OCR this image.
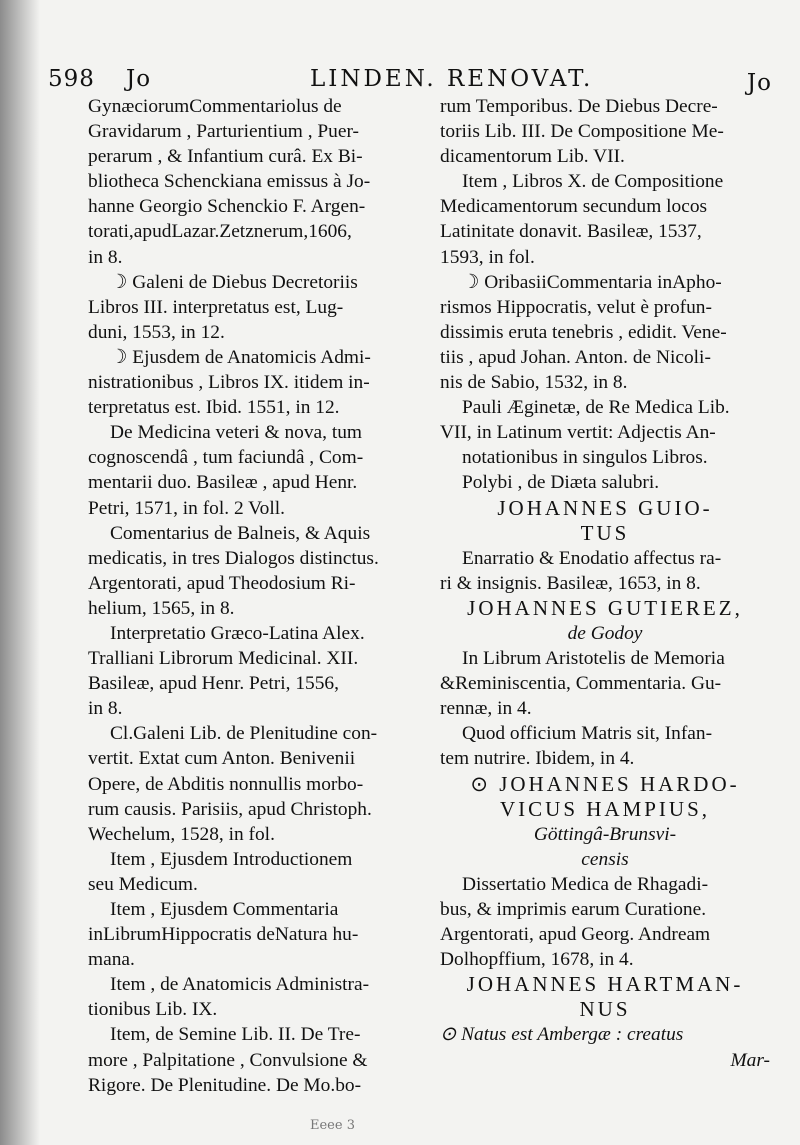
598 Jo	LINDEN. RENOVAT.	Jo
GynæciorumCommentariolus de
Gravidarum , Parturientium , Puer-
perarum , & Infantium curâ. Ex Bi-
bliotheca Schenckiana emissus à Jo-
hanne Georgio Schenckio F. Argen-
torati,apudLazar.Zetznerum,1606,
in 8.
☽ Galeni de Diebus Decretoriis
Libros III. interpretatus est, Lug-
duni, 1553, in 12.
☽ Ejusdem de Anatomicis Admi-
nistrationibus , Libros IX. itidem in-
terpretatus est. Ibid. 1551, in 12.
De Medicina veteri & nova, tum
cognoscendâ , tum faciundâ , Com-
mentarii duo. Basileæ , apud Henr.
Petri, 1571, in fol. 2 Voll.
Comentarius de Balneis, & Aquis
medicatis, in tres Dialogos distinctus.
Argentorati, apud Theodosium Ri-
helium, 1565, in 8.
Interpretatio Græco-Latina Alex.
Tralliani Librorum Medicinal. XII.
Basileæ, apud Henr. Petri, 1556,
in 8.
Cl.Galeni Lib. de Plenitudine con-
vertit. Extat cum Anton. Benivenii
Opere, de Abditis nonnullis morbo-
rum causis. Parisiis, apud Christoph.
Wechelum, 1528, in fol.
Item , Ejusdem Introductionem
seu Medicum.
Item , Ejusdem Commentaria
inLibrumHippocratis deNatura hu-
mana.
Item , de Anatomicis Administra-
tionibus Lib. IX.
Item, de Semine Lib. II. De Tre-
more , Palpitatione , Convulsione &
Rigore. De Plenitudine. De Mo.bo-
rum Temporibus. De Diebus Decre-
toriis Lib. III. De Compositione Me-
dicamentorum Lib. VII.
Item , Libros X. de Compositione
Medicamentorum secundum locos
Latinitate donavit. Basileæ, 1537,
1593, in fol.
☽ OribasiiCommentaria inApho-
rismos Hippocratis, velut è profun-
dissimis eruta tenebris , edidit. Vene-
tiis , apud Johan. Anton. de Nicoli-
nis de Sabio, 1532, in 8.
Pauli Æginetæ, de Re Medica Lib.
VII, in Latinum vertit: Adjectis An-
notationibus in singulos Libros.
Polybi , de Diæta salubri.
JOHANNES GUIO-
TUS
Enarratio & Enodatio affectus ra-
ri & insignis. Basileæ, 1653, in 8.
JOHANNES GUTIEREZ,
de Godoy
In Librum Aristotelis de Memoria
&Reminiscentia, Commentaria. Gu-
rennæ, in 4.
Quod officium Matris sit, Infan-
tem nutrire. Ibidem, in 4.
⊙ JOHANNES HARDO-
VICUS HAMPIUS,
Göttingâ-Brunsvi-
censis
Dissertatio Medica de Rhagadi-
bus, & imprimis earum Curatione.
Argentorati, apud Georg. Andream
Dolhopffium, 1678, in 4.
JOHANNES HARTMAN-
NUS
⊙ Natus est Ambergæ : creatus
Mar-
Eeee 3
